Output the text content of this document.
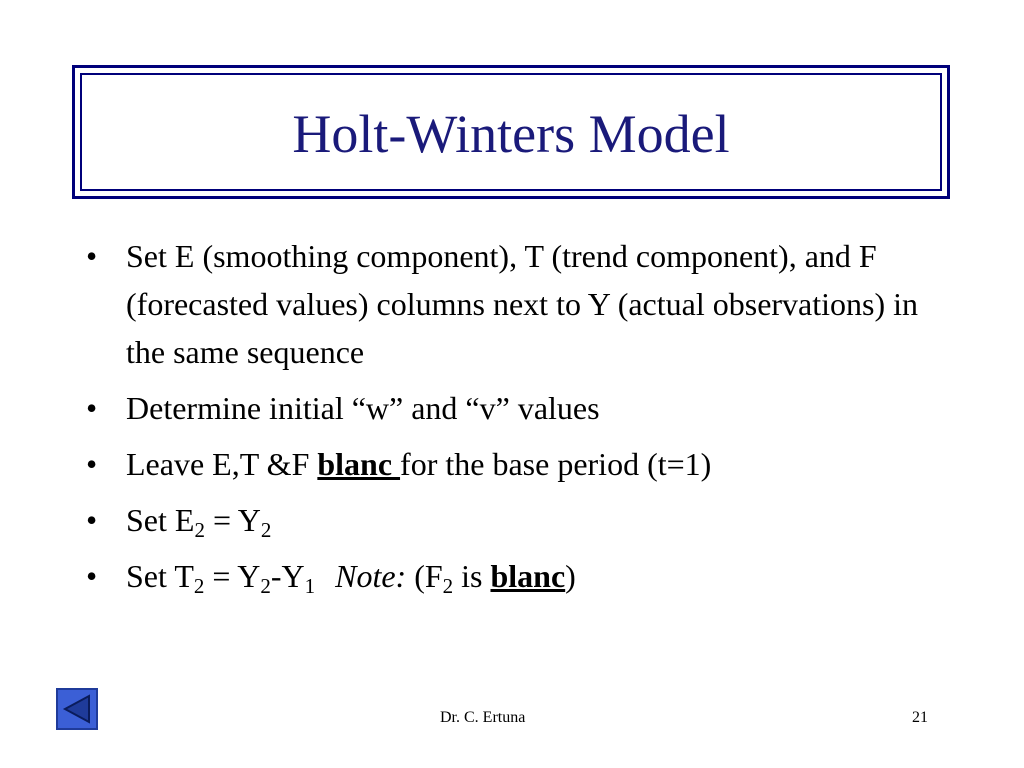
Holt-Winters Model
•
Set E (smoothing component), T (trend component), and F (forecasted values) columns next to Y (actual observations) in the same sequence
•
Determine initial “w” and “v” values
•
Leave E,T &F blanc for the base period (t=1)
•
Set $E_2 = Y_2$
•
Set $T_2 = Y_2-Y_1$ Note: ($F_2$ is blanc)
Dr. C. Ertuna	21
